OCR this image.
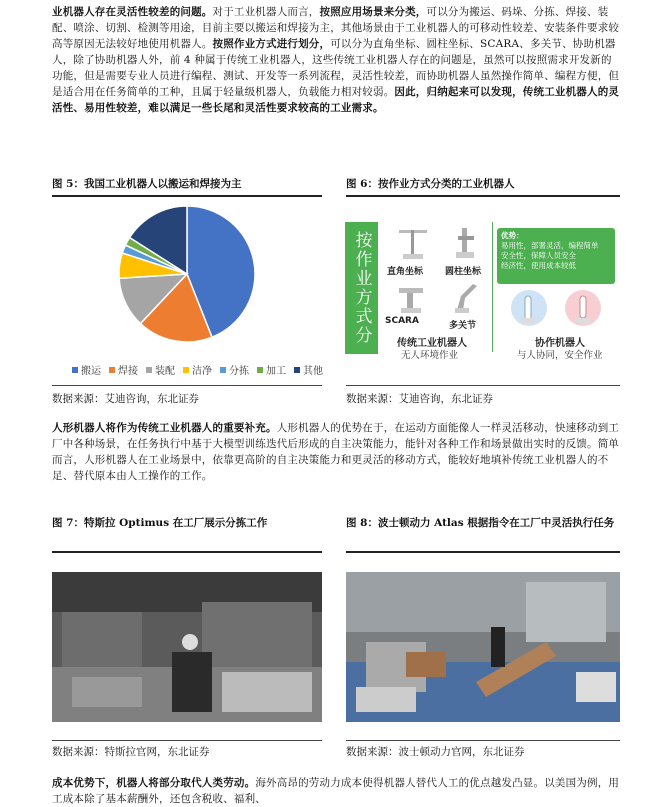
业机器人存在灵活性较差的问题。对于工业机器人而言，按照应用场景来分类，可以分为搬运、码垛、分拣、焊接、装配、喷涂、切割、检测等用途，目前主要以搬运和焊接为主，其他场景由于工业机器人的可移动性较差、安装条件要求较高等原因无法较好地使用机器人。按照作业方式进行划分，可以分为直角坐标、圆柱坐标、SCARA、多关节、协助机器人，除了协助机器人外，前 4 种属于传统工业机器人，这些传统工业机器人存在的问题是，虽然可以按照需求开发新的功能，但是需要专业人员进行编程、测试、开发等一系列流程，灵活性较差，而协助机器人虽然操作简单、编程方便，但是适合用在任务简单的工种，且属于轻量级机器人，负载能力相对较弱。因此，归纳起来可以发现，传统工业机器人的灵活性、易用性较差，难以满足一些长尾和灵活性要求较高的工业需求。
图 5：我国工业机器人以搬运和焊接为主
搬运 焊接 装配 洁净 分拣 加工 其他
数据来源：艾迪咨询，东北证券
图 6：按作业方式分类的工业机器人
按作业方式分	直角坐标 圆柱坐标
SCARA	多关节
传统工业机器人
无人环境作业
优势：
易用性，部署灵活，编程简单
安全性，保障人员安全
经济性，使用成本较低
协作机器人
与人协同，安全作业
数据来源：艾迪咨询，东北证券
人形机器人将作为传统工业机器人的重要补充。人形机器人的优势在于，在运动方面能像人一样灵活移动，快速移动到工厂中各种场景，在任务执行中基于大模型训练迭代后形成的自主决策能力，能针对各种工作和场景做出实时的反馈。简单而言，人形机器人在工业场景中，依靠更高阶的自主决策能力和更灵活的移动方式，能较好地填补传统工业机器人的不足、替代原本由人工操作的工作。
图 7：特斯拉 Optimus 在工厂展示分拣工作
数据来源：特斯拉官网，东北证券
图 8：波士顿动力 Atlas 根据指令在工厂中灵活执行任务
数据来源：波士顿动力官网，东北证券
成本优势下，机器人将部分取代人类劳动。海外高昂的劳动力成本使得机器人替代人工的优点越发凸显。以美国为例，用工成本除了基本薪酬外，还包含税收、福利、
